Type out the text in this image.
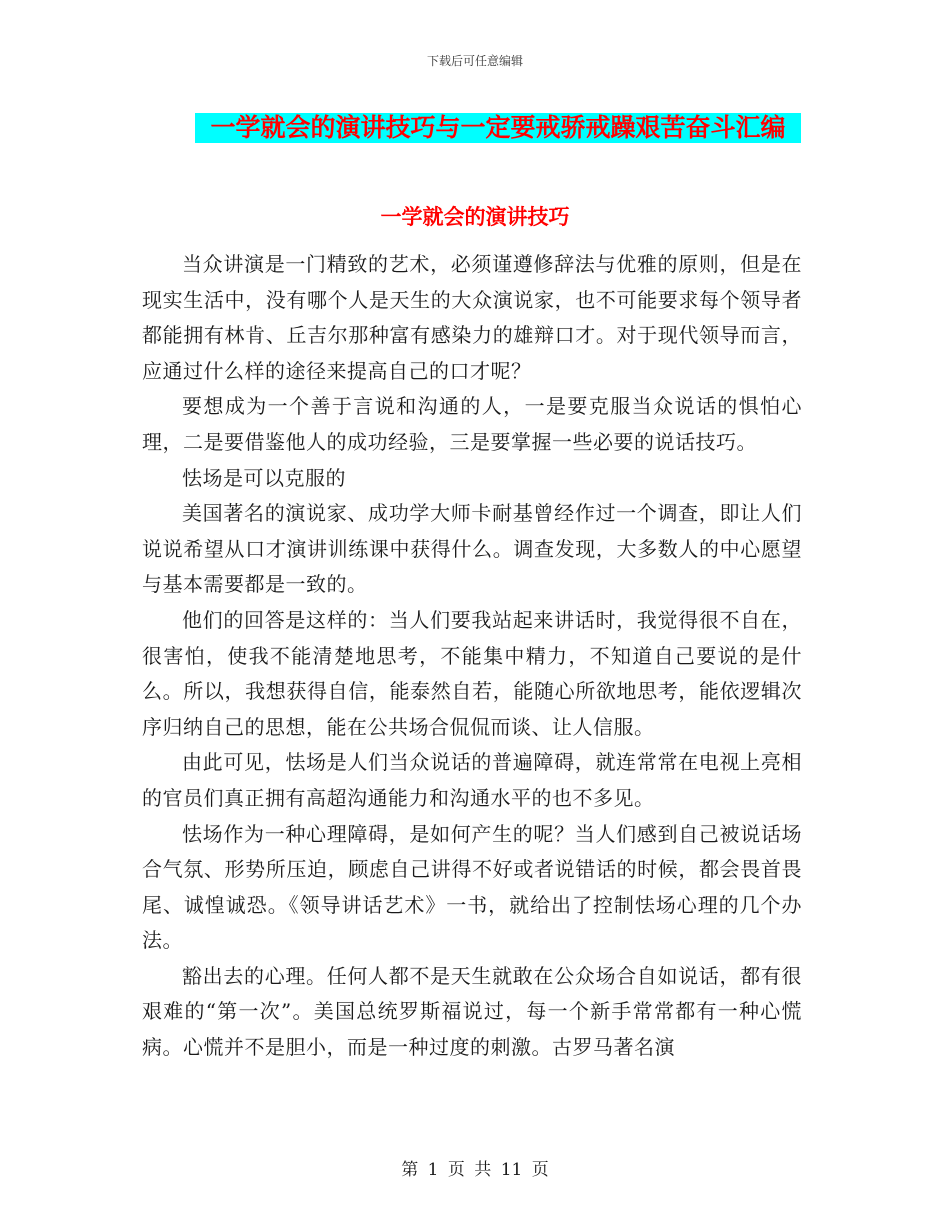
下载后可任意编辑
一学就会的演讲技巧与一定要戒骄戒躁艰苦奋斗汇编
一学就会的演讲技巧

当众讲演是一门精致的艺术，必须谨遵修辞法与优雅的原则，但是在现实生活中，没有哪个人是天生的大众演说家，也不可能要求每个领导者都能拥有林肯、丘吉尔那种富有感染力的雄辩口才。对于现代领导而言，应通过什么样的途径来提高自己的口才呢？

要想成为一个善于言说和沟通的人，一是要克服当众说话的惧怕心理，二是要借鉴他人的成功经验，三是要掌握一些必要的说话技巧。

怯场是可以克服的

美国著名的演说家、成功学大师卡耐基曾经作过一个调查，即让人们说说希望从口才演讲训练课中获得什么。调查发现，大多数人的中心愿望与基本需要都是一致的。

他们的回答是这样的：当人们要我站起来讲话时，我觉得很不自在，很害怕，使我不能清楚地思考，不能集中精力，不知道自己要说的是什么。所以，我想获得自信，能泰然自若，能随心所欲地思考，能依逻辑次序归纳自己的思想，能在公共场合侃侃而谈、让人信服。

由此可见，怯场是人们当众说话的普遍障碍，就连常常在电视上亮相的官员们真正拥有高超沟通能力和沟通水平的也不多见。

怯场作为一种心理障碍，是如何产生的呢？当人们感到自己被说话场合气氛、形势所压迫，顾虑自己讲得不好或者说错话的时候，都会畏首畏尾、诚惶诚恐。《领导讲话艺术》一书，就给出了控制怯场心理的几个办法。

豁出去的心理。任何人都不是天生就敢在公众场合自如说话，都有很艰难的“第一次”。美国总统罗斯福说过，每一个新手常常都有一种心慌病。心慌并不是胆小，而是一种过度的刺激。古罗马著名演

第 1 页 共 11 页
